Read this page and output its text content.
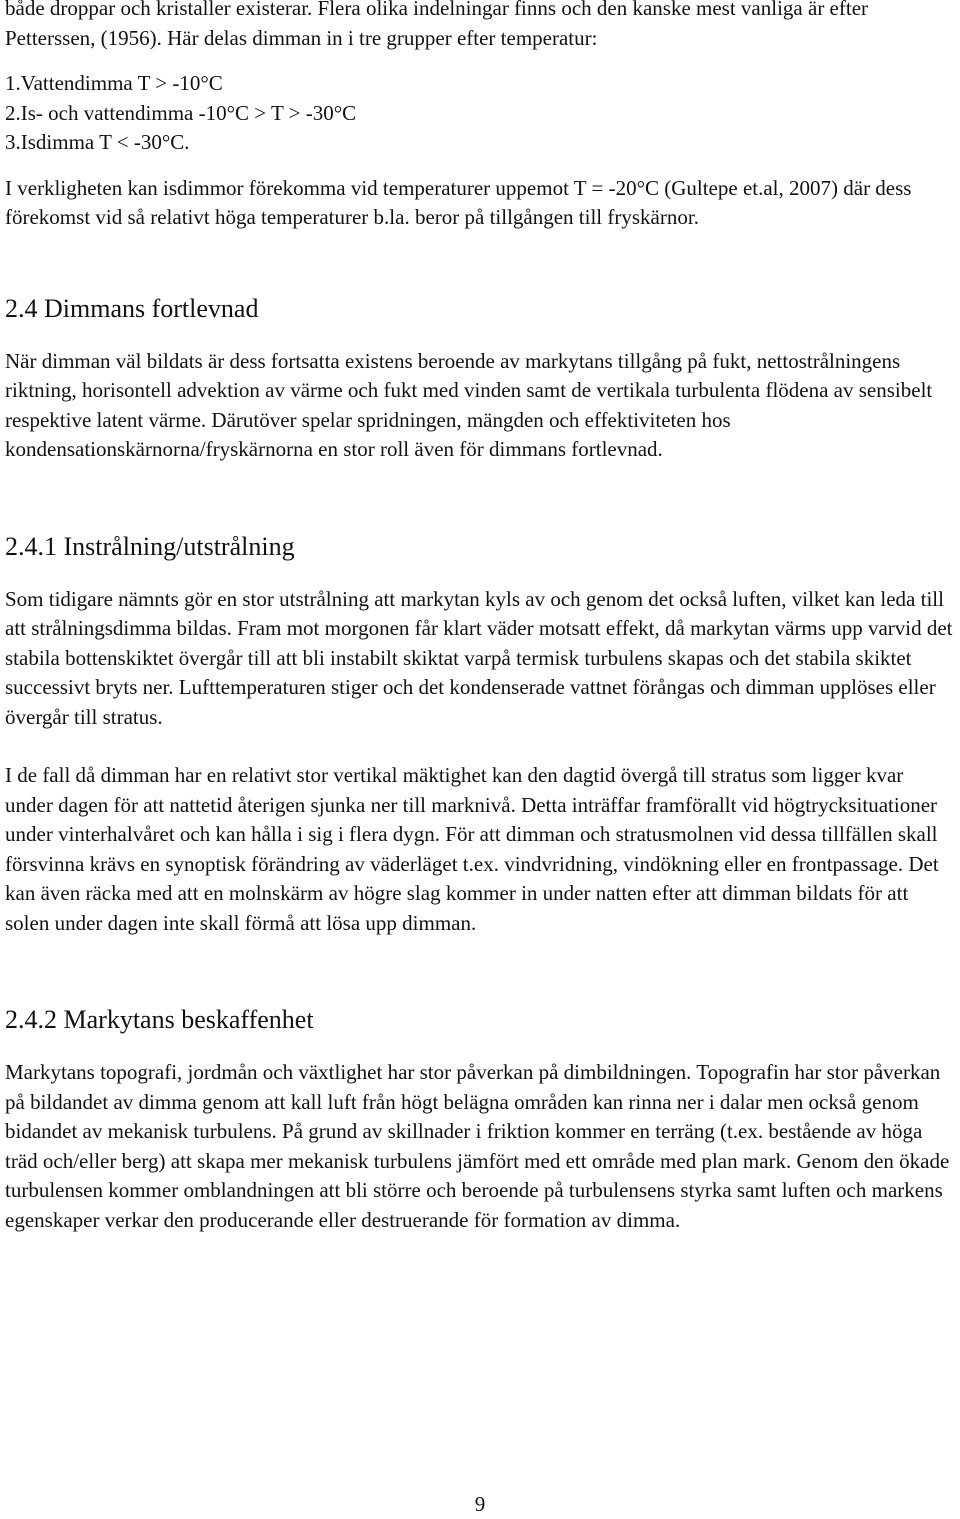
både droppar och kristaller existerar. Flera olika indelningar finns och den kanske mest vanliga är efter Petterssen, (1956). Här delas dimman in i tre grupper efter temperatur:

1.Vattendimma T > -10°C
2.Is- och vattendimma -10°C > T > -30°C
3.Isdimma T < -30°C.

I verkligheten kan isdimmor förekomma vid temperaturer uppemot T = -20°C (Gultepe et.al, 2007) där dess förekomst vid så relativt höga temperaturer b.la. beror på tillgången till fryskärnor.

2.4 Dimmans fortlevnad

När dimman väl bildats är dess fortsatta existens beroende av markytans tillgång på fukt, nettostrålningens riktning, horisontell advektion av värme och fukt med vinden samt de vertikala turbulenta flödena av sensibelt respektive latent värme. Därutöver spelar spridningen, mängden och effektiviteten hos kondensationskärnorna/fryskärnorna en stor roll även för dimmans fortlevnad.

2.4.1 Instrålning/utstrålning

Som tidigare nämnts gör en stor utstrålning att markytan kyls av och genom det också luften, vilket kan leda till att strålningsdimma bildas. Fram mot morgonen får klart väder motsatt effekt, då markytan värms upp varvid det stabila bottenskiktet övergår till att bli instabilt skiktat varpå termisk turbulens skapas och det stabila skiktet successivt bryts ner. Lufttemperaturen stiger och det kondenserade vattnet förångas och dimman upplöses eller övergår till stratus.

I de fall då dimman har en relativt stor vertikal mäktighet kan den dagtid övergå till stratus som ligger kvar under dagen för att nattetid återigen sjunka ner till marknivå. Detta inträffar framförallt vid högtrycksituationer under vinterhalvåret och kan hålla i sig i flera dygn. För att dimman och stratusmolnen vid dessa tillfällen skall försvinna krävs en synoptisk förändring av väderläget t.ex. vindvridning, vindökning eller en frontpassage. Det kan även räcka med att en molnskärm av högre slag kommer in under natten efter att dimman bildats för att solen under dagen inte skall förmå att lösa upp dimman.

2.4.2 Markytans beskaffenhet

Markytans topografi, jordmån och växtlighet har stor påverkan på dimbildningen. Topografin har stor påverkan på bildandet av dimma genom att kall luft från högt belägna områden kan rinna ner i dalar men också genom bidandet av mekanisk turbulens. På grund av skillnader i friktion kommer en terräng (t.ex. bestående av höga träd och/eller berg) att skapa mer mekanisk turbulens jämfört med ett område med plan mark. Genom den ökade turbulensen kommer omblandningen att bli större och beroende på turbulensens styrka samt luften och markens egenskaper verkar den producerande eller destruerande för formation av dimma.

9
